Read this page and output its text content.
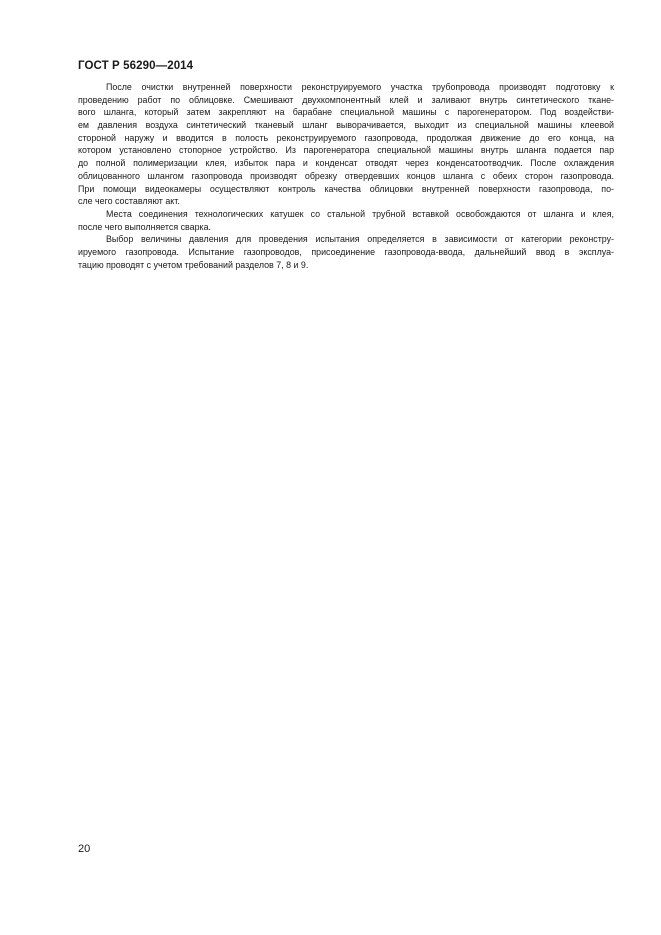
ГОСТ Р 56290—2014
После очистки внутренней поверхности реконструируемого участка трубопровода производят подготовку к
проведению работ по облицовке. Смешивают двухкомпонентный клей и заливают внутрь синтетического ткане-
вого шланга, который затем закрепляют на барабане специальной машины с парогенератором. Под воздействи-
ем давления воздуха синтетический тканевый шланг выворачивается, выходит из специальной машины клеевой
стороной наружу и вводится в полость реконструируемого газопровода, продолжая движение до его конца, на
котором установлено стопорное устройство. Из парогенератора специальной машины внутрь шланга подается пар
до полной полимеризации клея, избыток пара и конденсат отводят через конденсатоотводчик. После охлаждения
облицованного шлангом газопровода производят обрезку отвердевших концов шланга с обеих сторон газопровода.
При помощи видеокамеры осуществляют контроль качества облицовки внутренней поверхности газопровода, по-
сле чего составляют акт.
Места соединения технологических катушек со стальной трубной вставкой освобождаются от шланга и клея,
после чего выполняется сварка.
Выбор величины давления для проведения испытания определяется в зависимости от категории реконстру-
ируемого газопровода. Испытание газопроводов, присоединение газопровода-ввода, дальнейший ввод в эксплуа-
тацию проводят с учетом требований разделов 7, 8 и 9.
20
